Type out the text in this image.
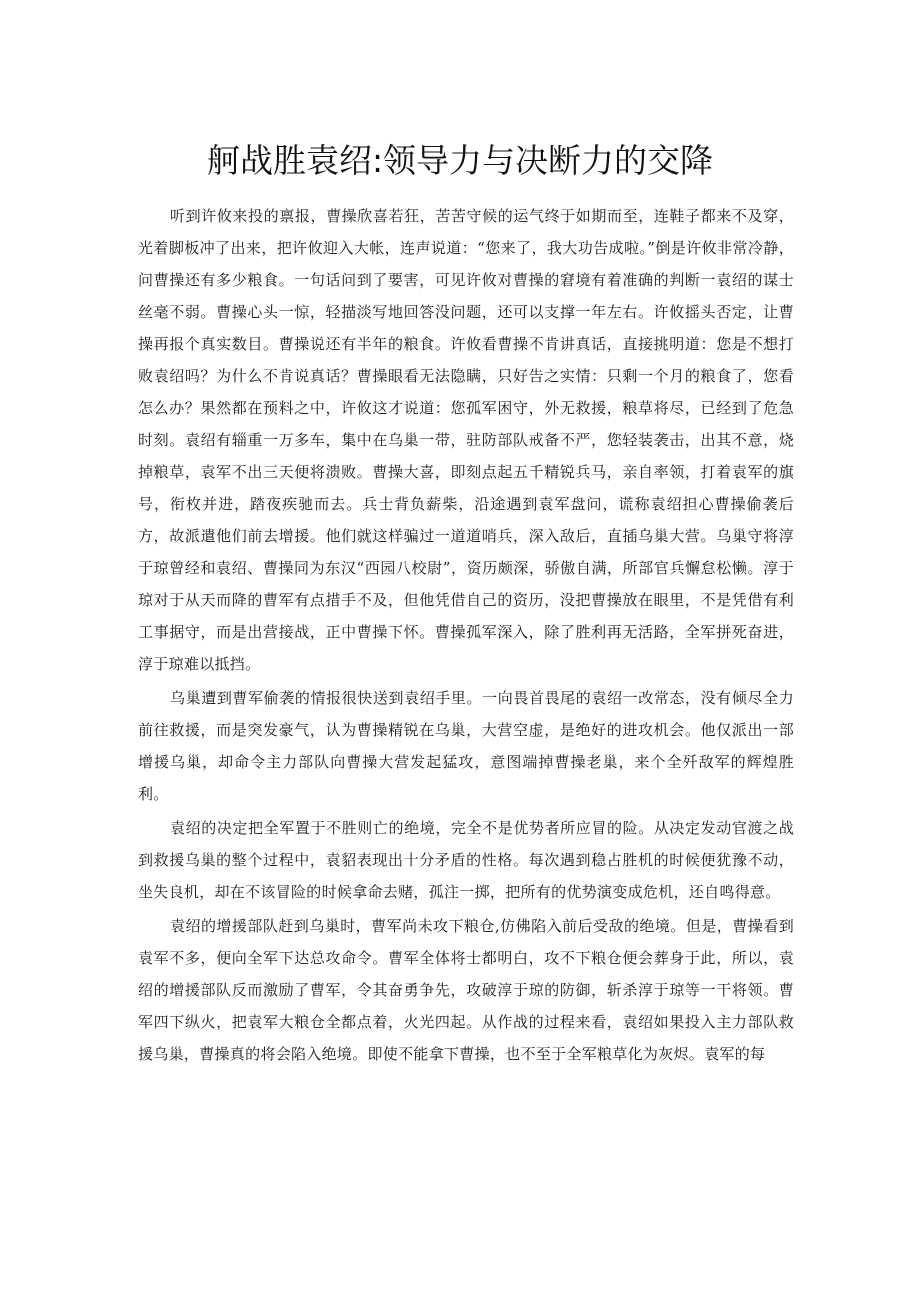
舸战胜袁绍:领导力与决断力的交降

听到许攸来投的禀报，曹操欣喜若狂，苦苦守候的运气终于如期而至，连鞋子都来不及穿，光着脚板冲了出来，把许攸迎入大帐，连声说道：“您来了，我大功告成啦。”倒是许攸非常冷静，问曹操还有多少粮食。一句话问到了要害，可见许攸对曹操的窘境有着准确的判断一袁绍的谋士丝毫不弱。曹操心头一惊，轻描淡写地回答没问题，还可以支撑一年左右。许攸摇头否定，让曹操再报个真实数目。曹操说还有半年的粮食。许攸看曹操不肯讲真话，直接挑明道：您是不想打败袁绍吗？为什么不肯说真话？曹操眼看无法隐瞒，只好告之实情：只剩一个月的粮食了，您看怎么办？果然都在预料之中，许攸这才说道：您孤军困守，外无救援，粮草将尽，已经到了危急时刻。袁绍有辎重一万多车，集中在乌巢一带，驻防部队戒备不严，您轻装袭击，出其不意，烧掉粮草，袁军不出三天便将溃败。曹操大喜，即刻点起五千精锐兵马，亲自率领，打着袁军的旗号，衔枚并进，踏夜疾驰而去。兵士背负薪柴，沿途遇到袁军盘问，谎称袁绍担心曹操偷袭后方，故派遣他们前去增援。他们就这样骗过一道道哨兵，深入敌后，直插乌巢大营。乌巢守将淳于琼曾经和袁绍、曹操同为东汉“西园八校尉”，资历颇深，骄傲自满，所部官兵懈怠松懒。淳于琼对于从天而降的曹军有点措手不及，但他凭借自己的资历，没把曹操放在眼里，不是凭借有利工事据守，而是出营接战，正中曹操下怀。曹操孤军深入，除了胜利再无活路，全军拼死奋进，淳于琼难以抵挡。

乌巢遭到曹军偷袭的情报很快送到袁绍手里。一向畏首畏尾的袁绍一改常态，没有倾尽全力前往救援，而是突发豪气，认为曹操精锐在乌巢，大营空虚，是绝好的进攻机会。他仅派出一部增援乌巢，却命令主力部队向曹操大营发起猛攻，意图端掉曹操老巢，来个全歼敌军的辉煌胜利。

袁绍的决定把全军置于不胜则亡的绝境，完全不是优势者所应冒的险。从决定发动官渡之战到救援乌巢的整个过程中，袁貂表现出十分矛盾的性格。每次遇到稳占胜机的时候便犹豫不动，坐失良机，却在不该冒险的时候拿命去赌，孤注一掷，把所有的优势演变成危机，还自鸣得意。

袁绍的增援部队赶到乌巢时，曹军尚未攻下粮仓,仿佛陷入前后受敌的绝境。但是，曹操看到袁军不多，便向全军下达总攻命令。曹军全体将士都明白，攻不下粮仓便会葬身于此，所以，袁绍的增援部队反而激励了曹军，令其奋勇争先，攻破淳于琼的防御，斩杀淳于琼等一干将领。曹军四下纵火，把袁军大粮仓全都点着，火光四起。从作战的过程来看，袁绍如果投入主力部队救援乌巢，曹操真的将会陷入绝境。即使不能拿下曹操，也不至于全军粮草化为灰烬。袁军的每
